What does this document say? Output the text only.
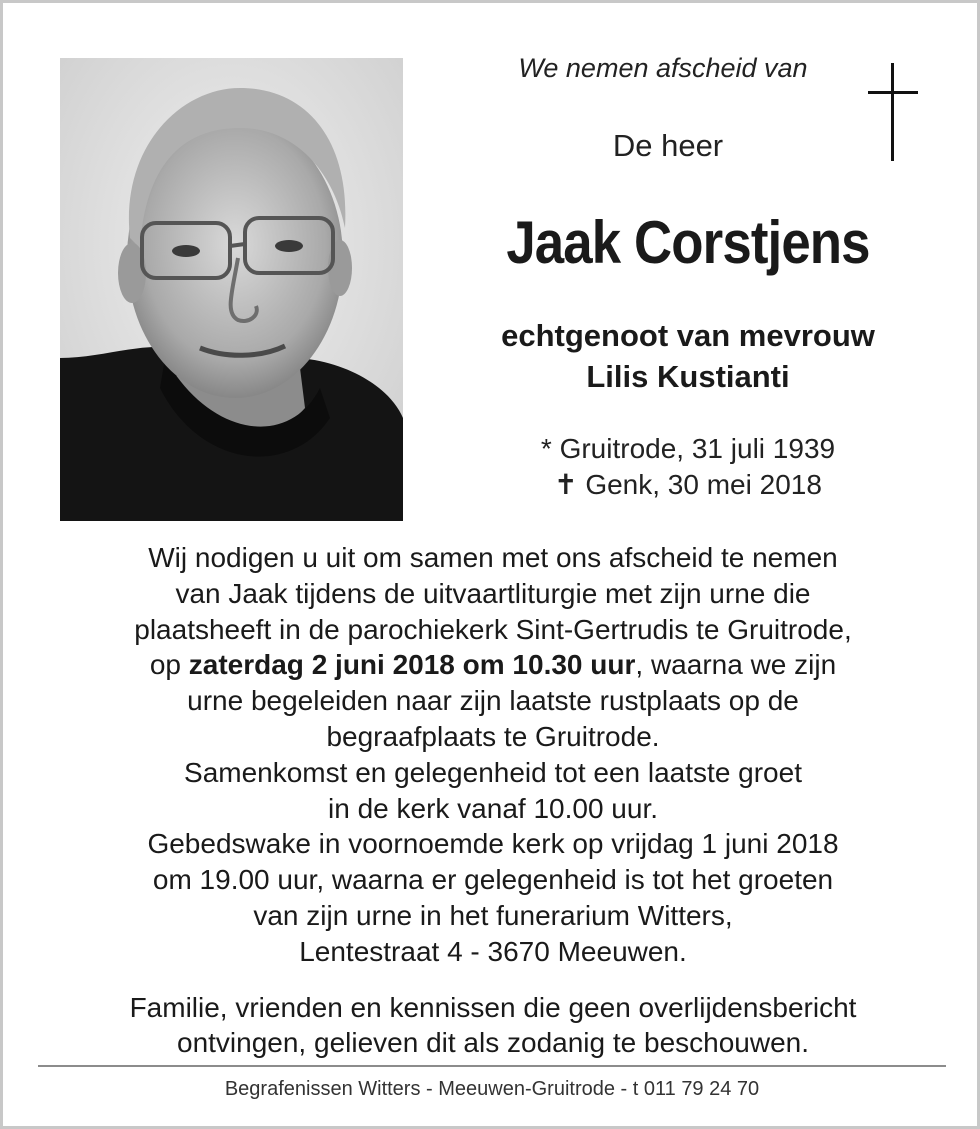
We nemen afscheid van
De heer
Jaak Corstjens
echtgenoot van mevrouw
Lilis Kustianti
* Gruitrode, 31 juli 1939
✝ Genk, 30 mei 2018
Wij nodigen u uit om samen met ons afscheid te nemen
van Jaak tijdens de uitvaartliturgie met zijn urne die
plaatsheeft in de parochiekerk Sint-Gertrudis te Gruitrode,
op zaterdag 2 juni 2018 om 10.30 uur, waarna we zijn
urne begeleiden naar zijn laatste rustplaats op de
begraafplaats te Gruitrode.
Samenkomst en gelegenheid tot een laatste groet
in de kerk vanaf 10.00 uur.
Gebedswake in voornoemde kerk op vrijdag 1 juni 2018
om 19.00 uur, waarna er gelegenheid is tot het groeten
van zijn urne in het funerarium Witters,
Lentestraat 4 - 3670 Meeuwen.
Familie, vrienden en kennissen die geen overlijdensbericht
ontvingen, gelieven dit als zodanig te beschouwen.
Begrafenissen Witters - Meeuwen-Gruitrode - t 011 79 24 70
